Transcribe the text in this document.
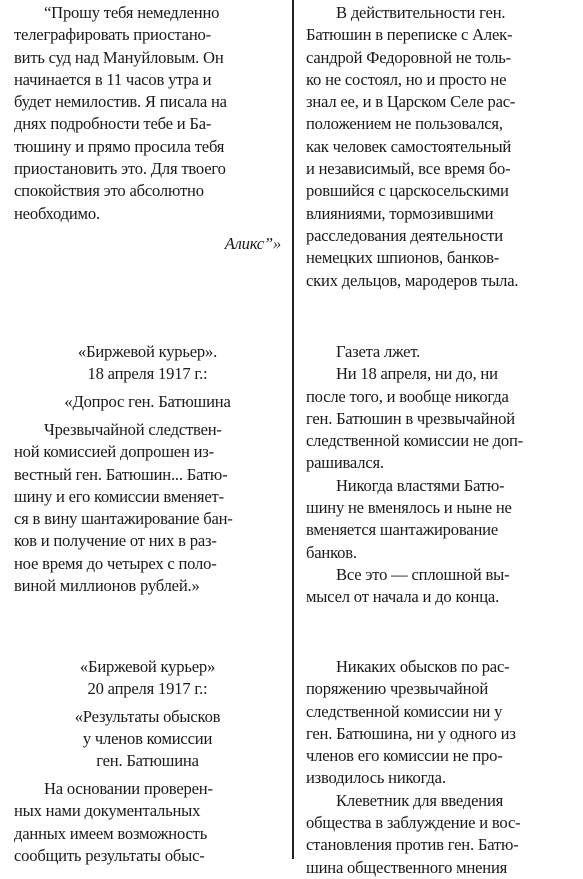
“Прошу тебя немедленно
телеграфировать приостано-
вить суд над Мануйловым. Он
начинается в 11 часов утра и
будет немилостив. Я писала на
днях подробности тебе и Ба-
тюшину и прямо просила тебя
приостановить это. Для твоего
спокойствия это абсолютно
необходимо.
Аликс”»
В действительности ген.
Батюшин в переписке с Алек-
сандрой Федоровной не толь-
ко не состоял, но и просто не
знал ее, и в Царском Селе рас-
положением не пользовался,
как человек самостоятельный
и независимый, все время бо-
ровшийся с царскосельскими
влияниями, тормозившими
расследования деятельности
немецких шпионов, банков-
ских дельцов, мародеров тыла.
«Биржевой курьер».
18 апреля 1917 г.:
«Допрос ген. Батюшина
Чрезвычайной следствен-
ной комиссией допрошен из-
вестный ген. Батюшин... Батю-
шину и его комиссии вменяет-
ся в вину шантажирование бан-
ков и получение от них в раз-
ное время до четырех с поло-
виной миллионов рублей.»
Газета лжет.
Ни 18 апреля, ни до, ни
после того, и вообще никогда
ген. Батюшин в чрезвычайной
следственной комиссии не доп-
рашивался.
Никогда властями Батю-
шину не вменялось и ныне не
вменяется шантажирование
банков.
Все это — сплошной вы-
мысел от начала и до конца.
«Биржевой курьер»
20 апреля 1917 г.:
«Результаты обысков
у членов комиссии
ген. Батюшина
На основании проверен-
ных нами документальных
данных имеем возможность
сообщить результаты обыс-
Никаких обысков по рас-
поряжению чрезвычайной
следственной комиссии ни у
ген. Батюшина, ни у одного из
членов его комиссии не про-
изводилось никогда.
Клеветник для введения
общества в заблуждение и вос-
становления против ген. Батю-
шина общественного мнения
